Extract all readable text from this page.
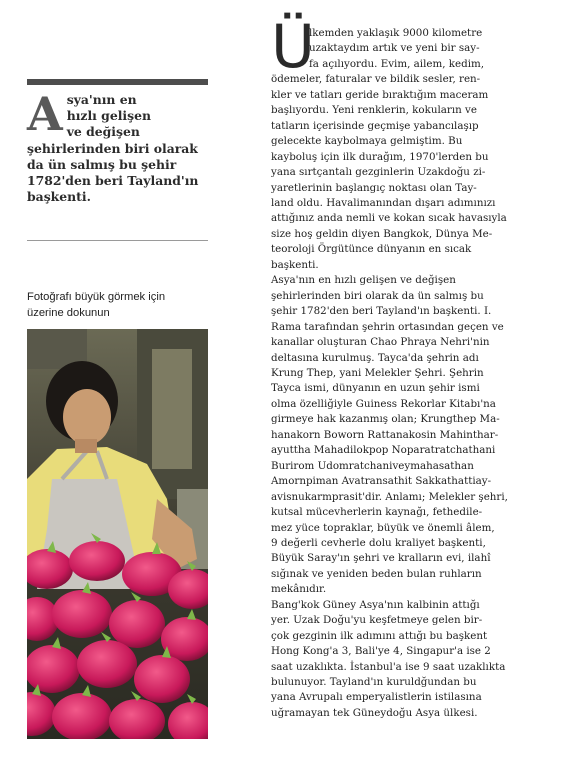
A sya'nın en
hızlı gelişen
ve değişen
şehirlerinden biri olarak
da ün salmış bu şehir
1782'den beri Tayland'ın
başkenti.
Fotoğrafı büyük görmek için
üzerine dokunun
Ü
lkemden yaklaşık 9000 kilometre
uzaktaydım artık ve yeni bir say-
fa açılıyordu. Evim, ailem, kedim,
ödemeler, faturalar ve bildik sesler, ren-
kler ve tatları geride bıraktığım maceram
başlıyordu. Yeni renklerin, kokuların ve
tatların içerisinde geçmişe yabancılaşıp
gelecekte kaybolmaya gelmiştim. Bu
kayboluş için ilk durağım, 1970'lerden bu
yana sırtçantalı gezginlerin Uzakdoğu zi-
yaretlerinin başlangıç noktası olan Tay-
land oldu. Havalimanından dışarı adımınızı
attığınız anda nemli ve kokan sıcak havasıyla
size hoş geldin diyen Bangkok, Dünya Me-
teoroloji Örgütünce dünyanın en sıcak
başkenti.
Asya'nın en hızlı gelişen ve değişen
şehirlerinden biri olarak da ün salmış bu
şehir 1782'den beri Tayland'ın başkenti. I.
Rama tarafından şehrin ortasından geçen ve
kanallar oluşturan Chao Phraya Nehri'nin
deltasına kurulmuş. Tayca'da şehrin adı
Krung Thep, yani Melekler Şehri. Şehrin
Tayca ismi, dünyanın en uzun şehir ismi
olma özelliğiyle Guiness Rekorlar Kitabı'na
girmeye hak kazanmış olan; Krungthep Ma-
hanakorn Boworn Rattanakosin Mahinthar-
ayuttha Mahadilokpop Noparatratchathani
Burirom Udomratchaniveymahasathan
Amornpiman Avatransathit Sakkathattiay-
avisnukarmprasit'dir. Anlamı; Melekler şehri,
kutsal mücevherlerin kaynağı, fethedile-
mez yüce topraklar, büyük ve önemli âlem,
9 değerli cevherle dolu kraliyet başkenti,
Büyük Saray'ın şehri ve kralların evi, ilahî
sığınak ve yeniden beden bulan ruhların
mekânıdır.
Bang'kok Güney Asya'nın kalbinin attığı
yer. Uzak Doğu'yu keşfetmeye gelen bir-
çok gezginin ilk adımını attığı bu başkent
Hong Kong'a 3, Bali'ye 4, Singapur'a ise 2
saat uzaklıkta. İstanbul'a ise 9 saat uzaklıkta
bulunuyor. Tayland'ın kuruldğundan bu
yana Avrupalı emperyalistlerin istilasına
uğramayan tek Güneydoğu Asya ülkesi.
